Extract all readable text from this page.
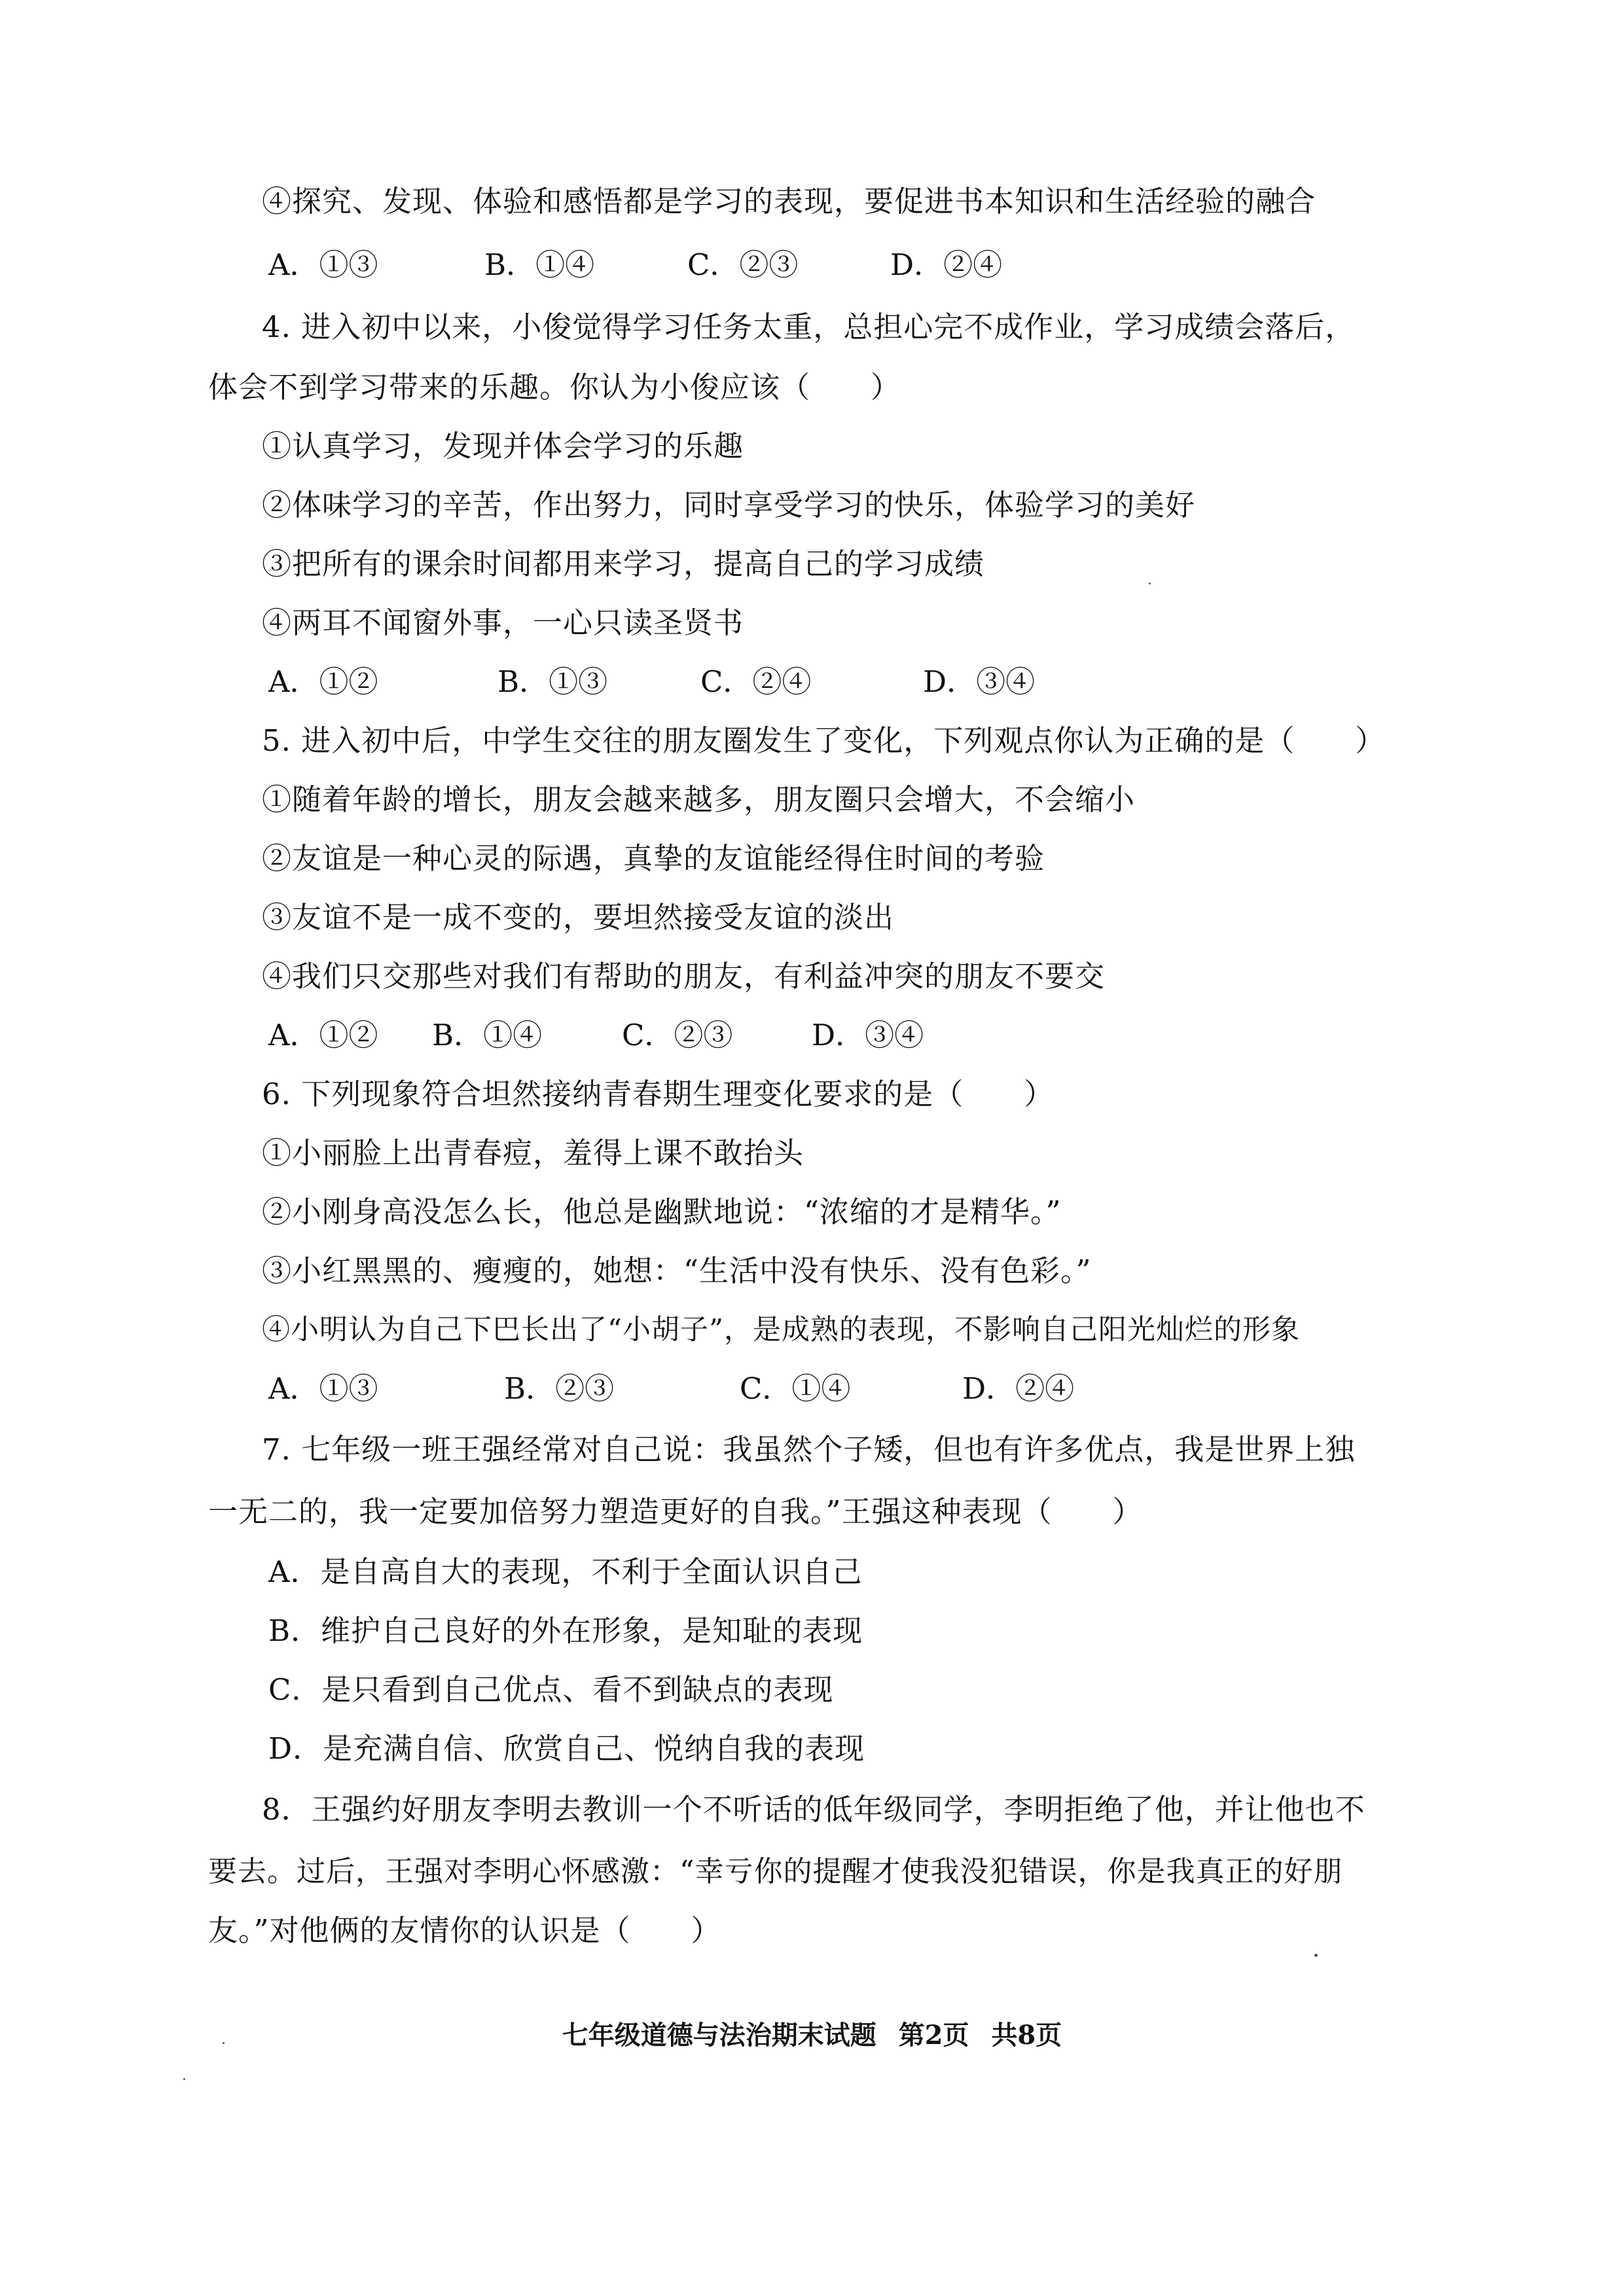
④探究、发现、体验和感悟都是学习的表现，要促进书本知识和生活经验的融合
A．①③	B．①④	C．②③	D．②④
4. 进入初中以来，小俊觉得学习任务太重，总担心完不成作业，学习成绩会落后，
体会不到学习带来的乐趣。你认为小俊应该（　　）
①认真学习，发现并体会学习的乐趣
②体味学习的辛苦，作出努力，同时享受学习的快乐，体验学习的美好
③把所有的课余时间都用来学习，提高自己的学习成绩
④两耳不闻窗外事，一心只读圣贤书
A．①②	B．①③	C．②④	D．③④
5. 进入初中后，中学生交往的朋友圈发生了变化，下列观点你认为正确的是（　　）
①随着年龄的增长，朋友会越来越多，朋友圈只会增大，不会缩小
②友谊是一种心灵的际遇，真挚的友谊能经得住时间的考验
③友谊不是一成不变的，要坦然接受友谊的淡出
④我们只交那些对我们有帮助的朋友，有利益冲突的朋友不要交
A．①② B．①④	C．②③	D．③④
6. 下列现象符合坦然接纳青春期生理变化要求的是（　　）
①小丽脸上出青春痘，羞得上课不敢抬头
②小刚身高没怎么长，他总是幽默地说：“浓缩的才是精华。”
③小红黑黑的、瘦瘦的，她想：“生活中没有快乐、没有色彩。”
④小明认为自己下巴长出了“小胡子”，是成熟的表现，不影响自己阳光灿烂的形象
A．①③	B．②③	C．①④	D．②④
7. 七年级一班王强经常对自己说：我虽然个子矮，但也有许多优点，我是世界上独
一无二的，我一定要加倍努力塑造更好的自我。”王强这种表现（　　）
A．是自高自大的表现，不利于全面认识自己
B．维护自己良好的外在形象，是知耻的表现
C．是只看到自己优点、看不到缺点的表现
D．是充满自信、欣赏自己、悦纳自我的表现
8．王强约好朋友李明去教训一个不听话的低年级同学，李明拒绝了他，并让他也不
要去。过后，王强对李明心怀感激：“幸亏你的提醒才使我没犯错误，你是我真正的好朋
友。”对他俩的友情你的认识是（　　）
七年级道德与法治期末试题 第2页 共8页
